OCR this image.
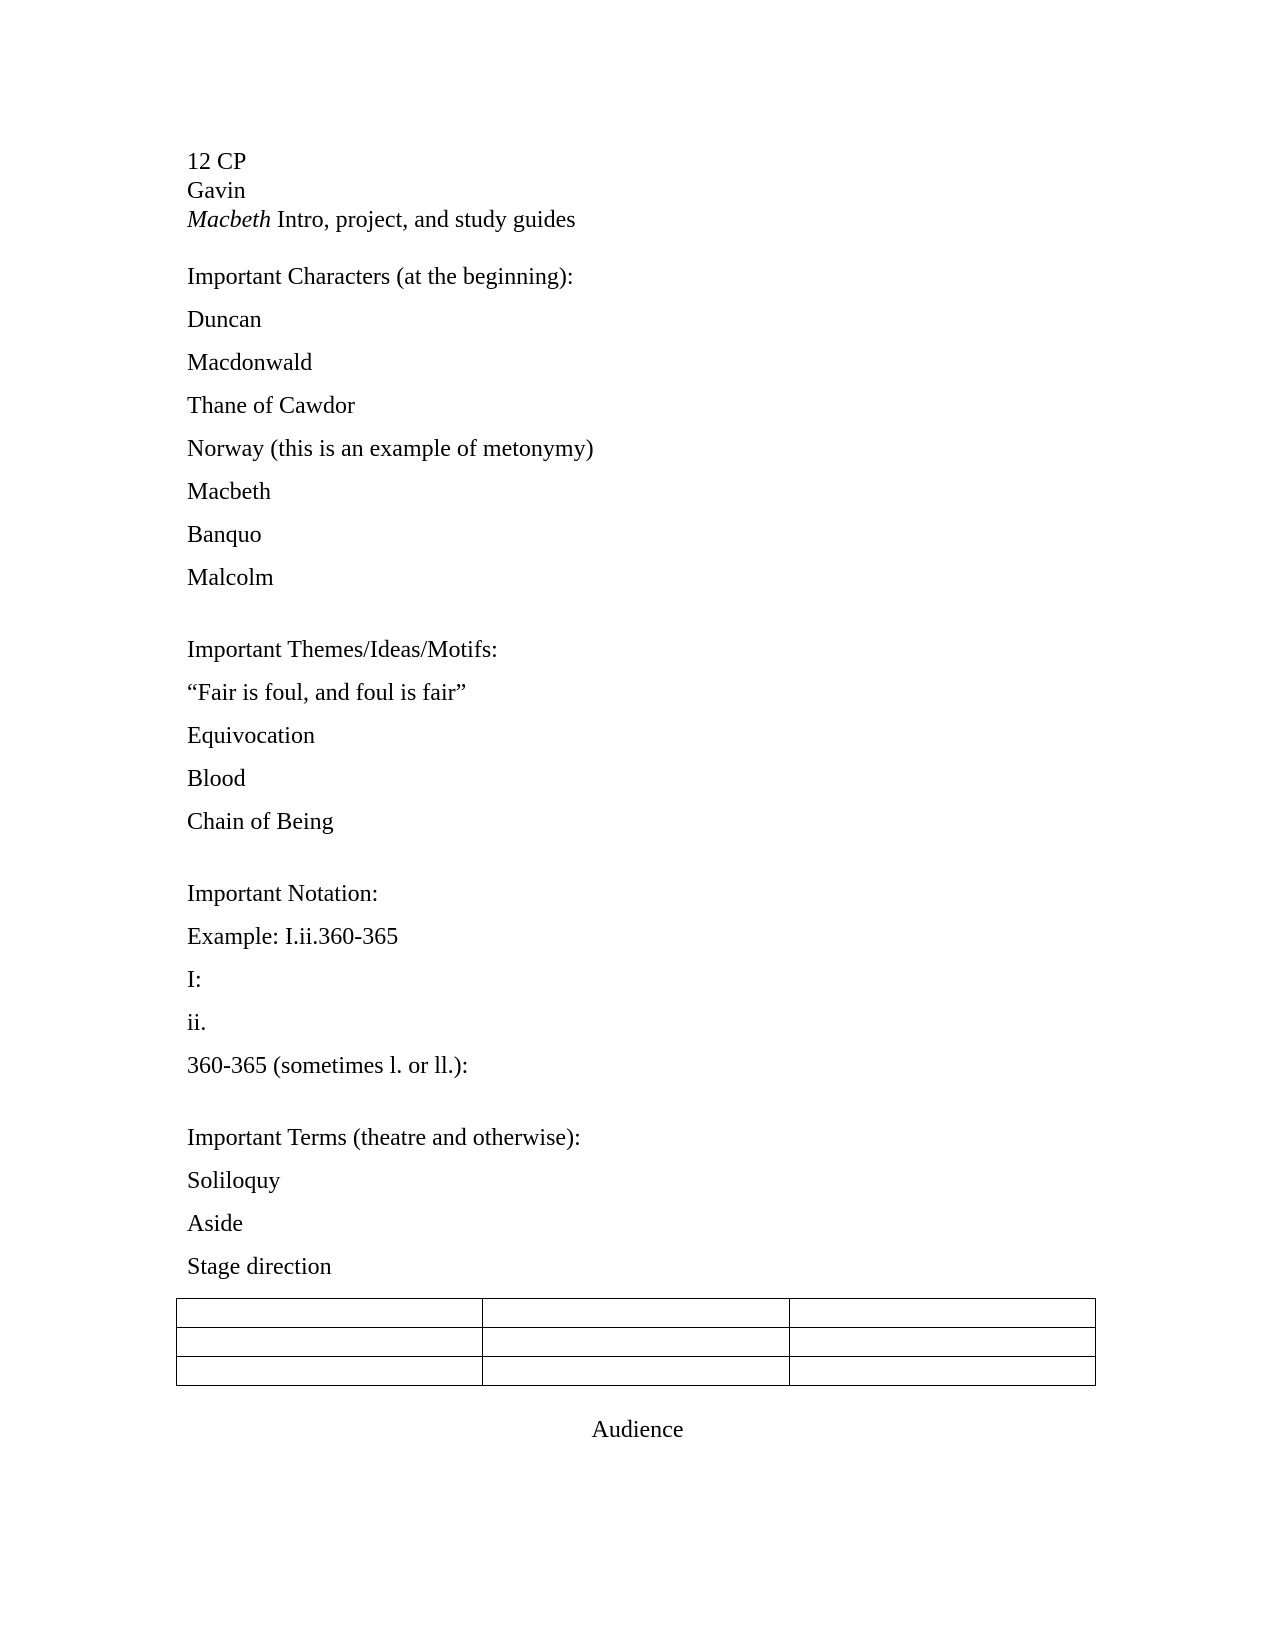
12 CP
Gavin
Macbeth Intro, project, and study guides
Important Characters (at the beginning):
Duncan
Macdonwald
Thane of Cawdor
Norway (this is an example of metonymy)
Macbeth
Banquo
Malcolm
Important Themes/Ideas/Motifs:
“Fair is foul, and foul is fair”
Equivocation
Blood
Chain of Being
Important Notation:
Example: I.ii.360-365
I:
ii.
360-365 (sometimes l. or ll.):
Important Terms (theatre and otherwise):
Soliloquy
Aside
Stage direction

Audience
